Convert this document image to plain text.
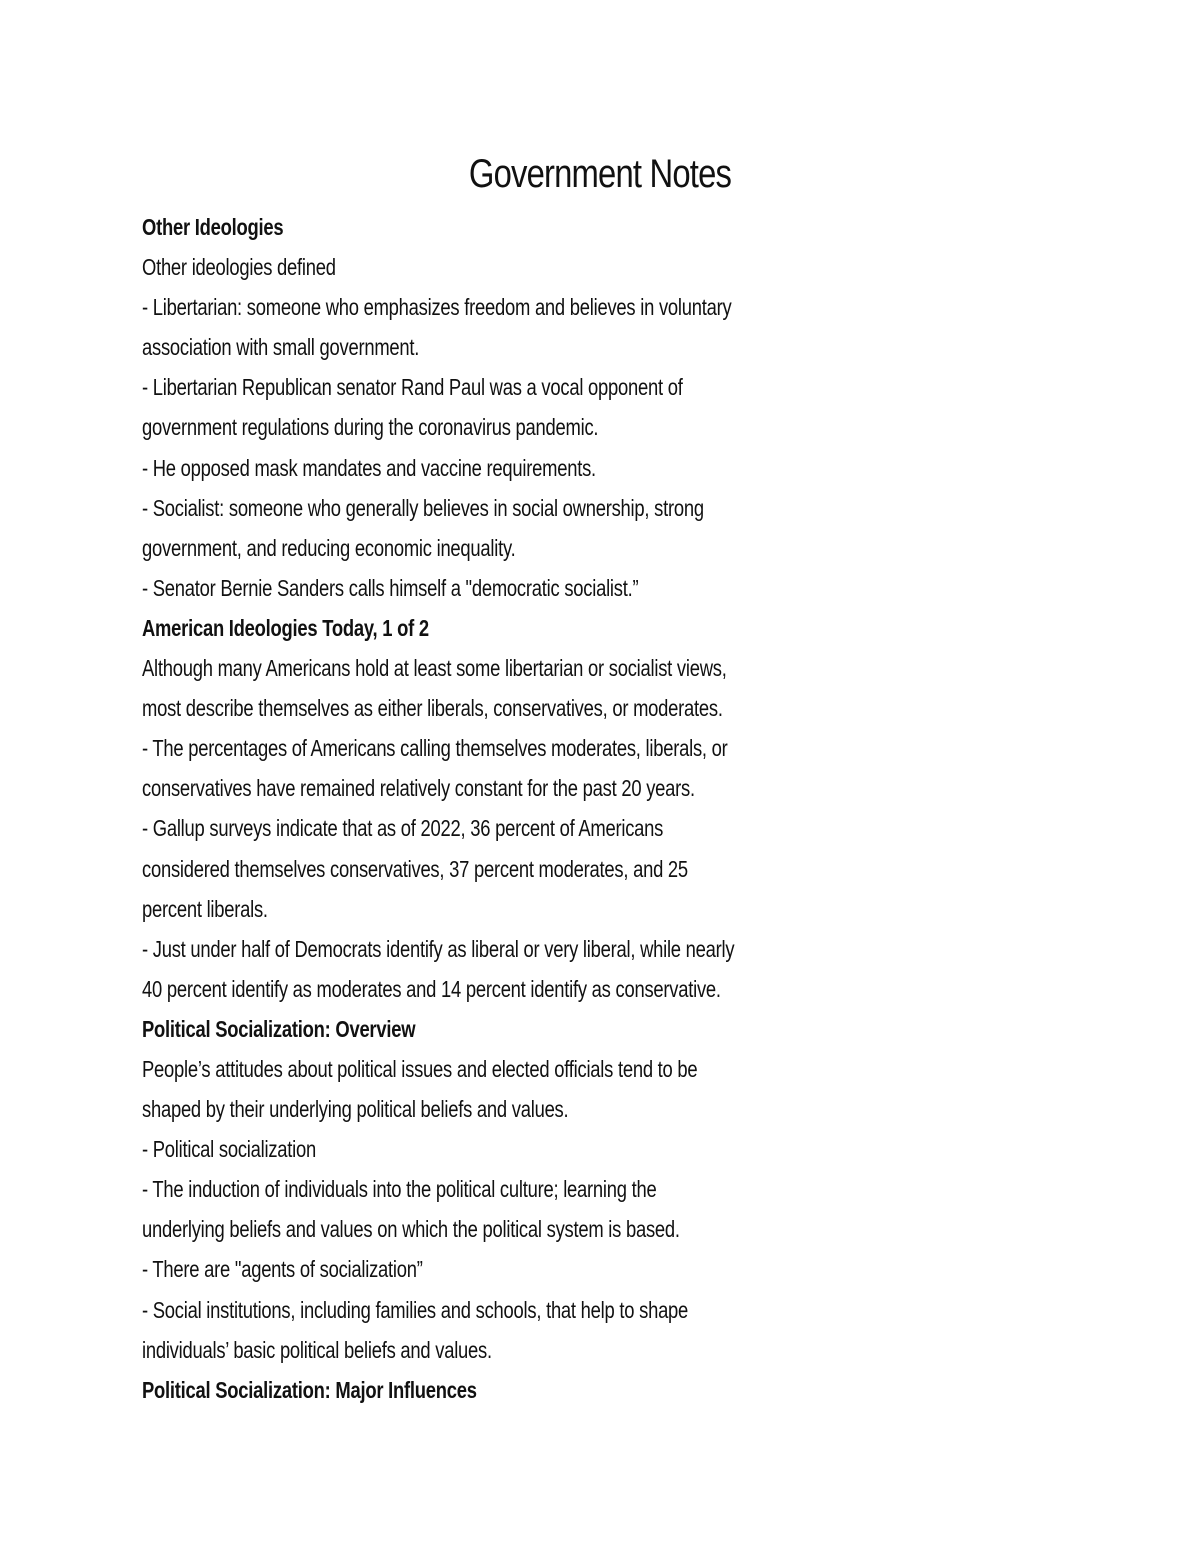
Government Notes
Other Ideologies
Other ideologies defined
- Libertarian: someone who emphasizes freedom and believes in voluntary
association with small government.
- Libertarian Republican senator Rand Paul was a vocal opponent of
government regulations during the coronavirus pandemic.
- He opposed mask mandates and vaccine requirements.
- Socialist: someone who generally believes in social ownership, strong
government, and reducing economic inequality.
- Senator Bernie Sanders calls himself a "democratic socialist.”
American Ideologies Today, 1 of 2
Although many Americans hold at least some libertarian or socialist views,
most describe themselves as either liberals, conservatives, or moderates.
- The percentages of Americans calling themselves moderates, liberals, or
conservatives have remained relatively constant for the past 20 years.
- Gallup surveys indicate that as of 2022, 36 percent of Americans
considered themselves conservatives, 37 percent moderates, and 25
percent liberals.
- Just under half of Democrats identify as liberal or very liberal, while nearly
40 percent identify as moderates and 14 percent identify as conservative.
Political Socialization: Overview
People’s attitudes about political issues and elected officials tend to be
shaped by their underlying political beliefs and values.
- Political socialization
- The induction of individuals into the political culture; learning the
underlying beliefs and values on which the political system is based.
- There are "agents of socialization”
- Social institutions, including families and schools, that help to shape
individuals’ basic political beliefs and values.
Political Socialization: Major Influences
